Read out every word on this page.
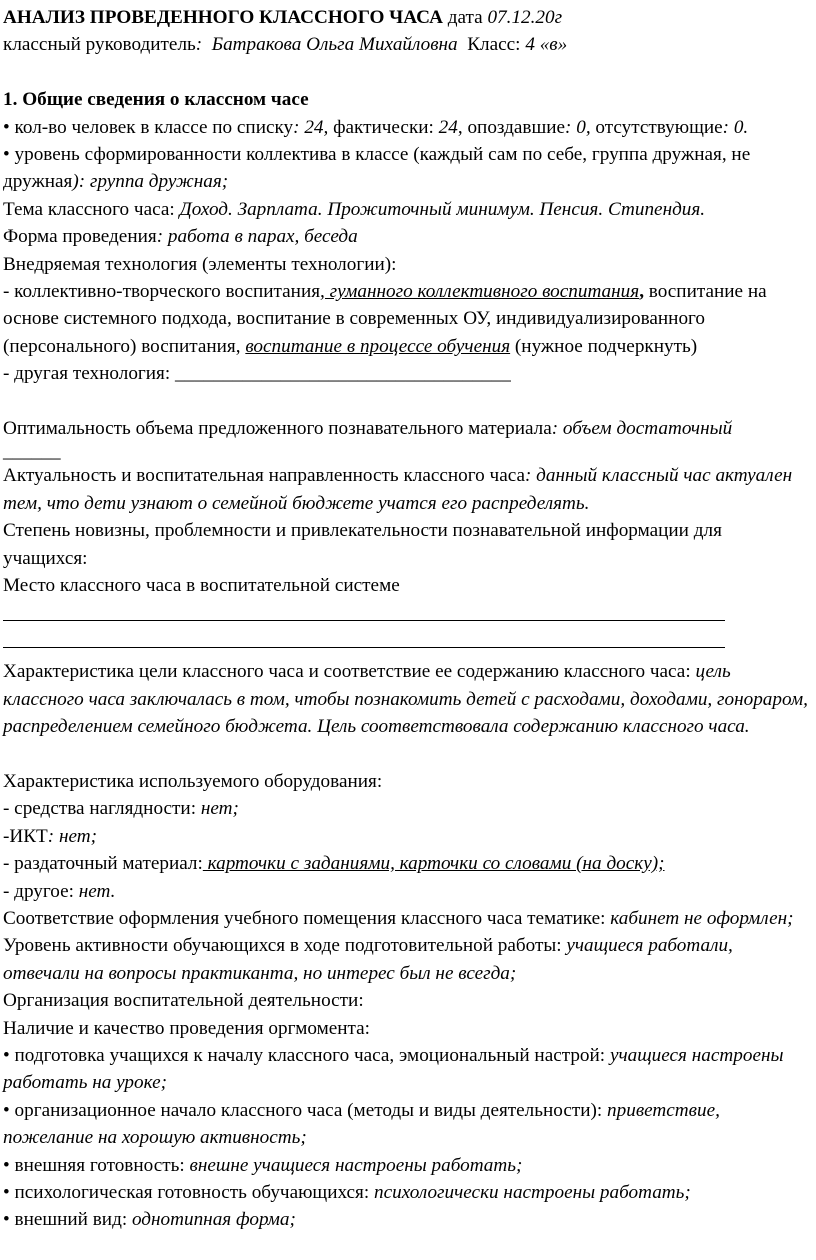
АНАЛИЗ ПРОВЕДЕННОГО КЛАССНОГО ЧАСА дата 07.12.20г

классный руководитель:  Батракова Ольга Михайловна  Класс: 4 «в»

1. Общие сведения о классном часе

• кол-во человек в классе по списку: 24, фактически: 24, опоздавшие: 0, отсутствующие: 0.

• уровень сформированности коллектива в классе (каждый сам по себе, группа дружная, не дружная): группа дружная;

Тема классного часа: Доход. Зарплата. Прожиточный минимум. Пенсия. Стипендия.

Форма проведения: работа в парах, беседа

Внедряемая технология (элементы технологии):

- коллективно-творческого воспитания, гуманного коллективного воспитания, воспитание на основе системного подхода, воспитание в современных ОУ, индивидуализированного (персонального) воспитания, воспитание в процессе обучения (нужное подчеркнуть)

- другая технология: ___________________________________

Оптимальность объема предложенного познавательного материала: объем достаточный

______

Актуальность и воспитательная направленность классного часа: данный классный час актуален тем, что дети узнают о семейной бюджете учатся его распределять.

Степень новизны, проблемности и привлекательности познавательной информации для учащихся:

Место классного часа в воспитательной системе

Характеристика цели классного часа и соответствие ее содержанию классного часа: цель классного часа заключалась в том, чтобы познакомить детей с расходами, доходами, гонораром, распределением семейного бюджета. Цель соответствовала содержанию классного часа.

Характеристика используемого оборудования:

- средства наглядности: нет;

-ИКТ: нет;

- раздаточный материал: карточки с заданиями, карточки со словами (на доску);

- другое: нет.

Соответствие оформления учебного помещения классного часа тематике: кабинет не оформлен;

Уровень активности обучающихся в ходе подготовительной работы: учащиеся работали, отвечали на вопросы практиканта, но интерес был не всегда;

Организация воспитательной деятельности:

Наличие и качество проведения оргмомента:

• подготовка учащихся к началу классного часа, эмоциональный настрой: учащиеся настроены работать на уроке;

• организационное начало классного часа (методы и виды деятельности): приветствие, пожелание на хорошую активность;

• внешняя готовность: внешне учащиеся настроены работать;

• психологическая готовность обучающихся: психологически настроены работать;

• внешний вид: однотипная форма;
